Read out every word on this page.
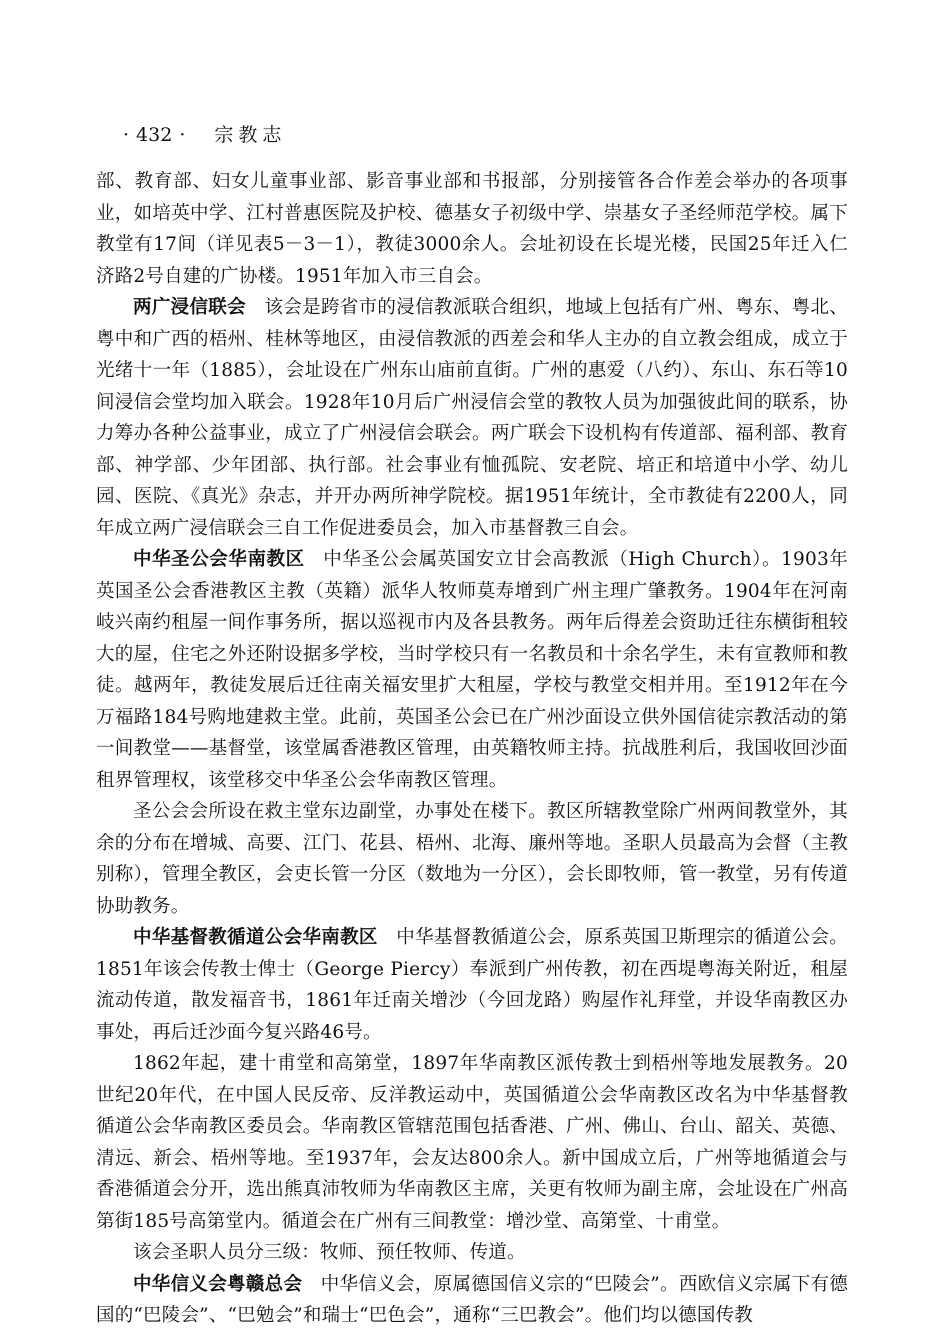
· 432 · 宗教志

部、教育部、妇女儿童事业部、影音事业部和书报部，分别接管各合作差会举办的各项事业，如培英中学、江村普惠医院及护校、德基女子初级中学、崇基女子圣经师范学校。属下教堂有17间（详见表5－3－1），教徒3000余人。会址初设在长堤光楼，民国25年迁入仁济路2号自建的广协楼。1951年加入市三自会。

两广浸信联会 该会是跨省市的浸信教派联合组织，地域上包括有广州、粤东、粤北、粤中和广西的梧州、桂林等地区，由浸信教派的西差会和华人主办的自立教会组成，成立于光绪十一年（1885），会址设在广州东山庙前直街。广州的惠爱（八约）、东山、东石等10间浸信会堂均加入联会。1928年10月后广州浸信会堂的教牧人员为加强彼此间的联系，协力筹办各种公益事业，成立了广州浸信会联会。两广联会下设机构有传道部、福利部、教育部、神学部、少年团部、执行部。社会事业有恤孤院、安老院、培正和培道中小学、幼儿园、医院、《真光》杂志，并开办两所神学院校。据1951年统计，全市教徒有2200人，同年成立两广浸信联会三自工作促进委员会，加入市基督教三自会。

中华圣公会华南教区 中华圣公会属英国安立甘会高教派（High Church）。1903年英国圣公会香港教区主教（英籍）派华人牧师莫寿增到广州主理广肇教务。1904年在河南岐兴南约租屋一间作事务所，据以巡视市内及各县教务。两年后得差会资助迁往东横街租较大的屋，住宅之外还附设据多学校，当时学校只有一名教员和十余名学生，未有宣教师和教徒。越两年，教徒发展后迁往南关福安里扩大租屋，学校与教堂交相并用。至1912年在今万福路184号购地建救主堂。此前，英国圣公会已在广州沙面设立供外国信徒宗教活动的第一间教堂——基督堂，该堂属香港教区管理，由英籍牧师主持。抗战胜利后，我国收回沙面租界管理权，该堂移交中华圣公会华南教区管理。

圣公会会所设在救主堂东边副堂，办事处在楼下。教区所辖教堂除广州两间教堂外，其余的分布在增城、高要、江门、花县、梧州、北海、廉州等地。圣职人员最高为会督（主教别称），管理全教区，会吏长管一分区（数地为一分区），会长即牧师，管一教堂，另有传道协助教务。

中华基督教循道公会华南教区 中华基督教循道公会，原系英国卫斯理宗的循道公会。1851年该会传教士俾士（George Piercy）奉派到广州传教，初在西堤粤海关附近，租屋流动传道，散发福音书，1861年迁南关增沙（今回龙路）购屋作礼拜堂，并设华南教区办事处，再后迁沙面今复兴路46号。

1862年起，建十甫堂和高第堂，1897年华南教区派传教士到梧州等地发展教务。20世纪20年代，在中国人民反帝、反洋教运动中，英国循道公会华南教区改名为中华基督教循道公会华南教区委员会。华南教区管辖范围包括香港、广州、佛山、台山、韶关、英德、清远、新会、梧州等地。至1937年，会友达800余人。新中国成立后，广州等地循道会与香港循道会分开，选出熊真沛牧师为华南教区主席，关更有牧师为副主席，会址设在广州高第街185号高第堂内。循道会在广州有三间教堂：增沙堂、高第堂、十甫堂。

该会圣职人员分三级：牧师、预任牧师、传道。

中华信义会粤赣总会 中华信义会，原属德国信义宗的“巴陵会”。西欧信义宗属下有德国的“巴陵会”、“巴勉会”和瑞士“巴色会”，通称“三巴教会”。他们均以德国传教
